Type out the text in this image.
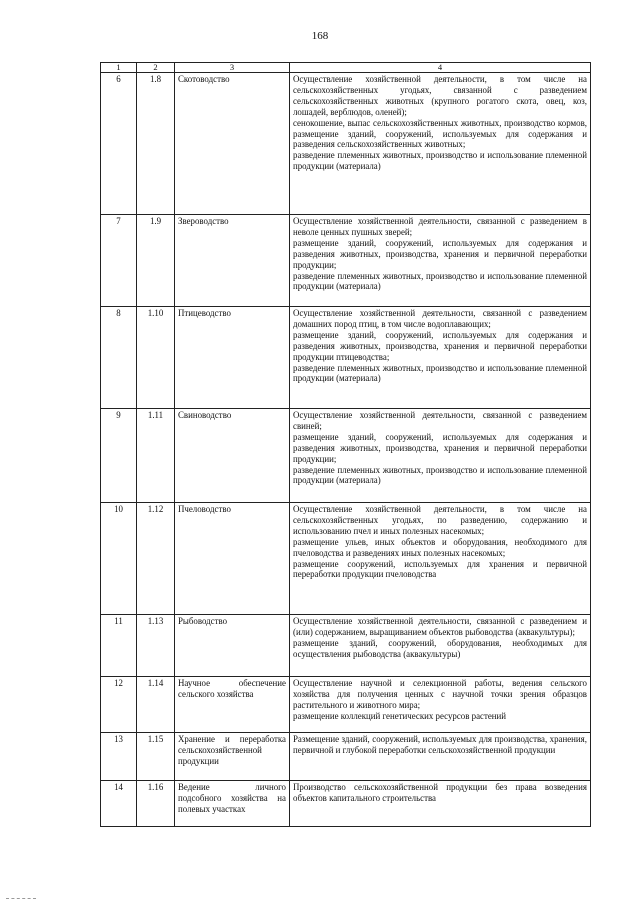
168
1	2	3	4
6	1.8	Скотоводство	Осуществление хозяйственной деятельности, в том числе на сельскохозяйственных угодьях, связанной с разведением сельскохозяйственных животных (крупного рогатого скота, овец, коз, лошадей, верблюдов, оленей);
сенокошение, выпас сельскохозяйственных животных, производство кормов, размещение зданий, сооружений, используемых для содержания и разведения сельскохозяйственных животных;
разведение племенных животных, производство и использование племенной продукции (материала)

7	1.9	Звероводство	Осуществление хозяйственной деятельности, связанной с разведением в неволе ценных пушных зверей;
размещение зданий, сооружений, используемых для содержания и разведения животных, производства, хранения и первичной переработки продукции;
разведение племенных животных, производство и использование племенной продукции (материала)

8	1.10	Птицеводство	Осуществление хозяйственной деятельности, связанной с разведением домашних пород птиц, в том числе водоплавающих;
размещение зданий, сооружений, используемых для содержания и разведения животных, производства, хранения и первичной переработки продукции птицеводства;
разведение племенных животных, производство и использование племенной продукции (материала)

9	1.11	Свиноводство	Осуществление хозяйственной деятельности, связанной с разведением свиней;
размещение зданий, сооружений, используемых для содержания и разведения животных, производства, хранения и первичной переработки продукции;
разведение племенных животных, производство и использование племенной продукции (материала)

10	1.12	Пчеловодство	Осуществление хозяйственной деятельности, в том числе на сельскохозяйственных угодьях, по разведению, содержанию и использованию пчел и иных полезных насекомых;
размещение ульев, иных объектов и оборудования, необходимого для пчеловодства и разведениях иных полезных насекомых;
размещение сооружений, используемых для хранения и первичной переработки продукции пчеловодства

11	1.13	Рыбоводство	Осуществление хозяйственной деятельности, связанной с разведением и (или) содержанием, выращиванием объектов рыбоводства (аквакультуры);
размещение зданий, сооружений, оборудования, необходимых для осуществления рыбоводства (аквакультуры)

12	1.14	Научное обеспечение сельского хозяйства	Осуществление научной и селекционной работы, ведения сельского хозяйства для получения ценных с научной точки зрения образцов растительного и животного мира;
размещение коллекций генетических ресурсов растений

13	1.15	Хранение и переработка сельскохозяйственной продукции	Размещение зданий, сооружений, используемых для производства, хранения, первичной и глубокой переработки сельскохозяйственной продукции

14	1.16	Ведение личного подсобного хозяйства на полевых участках	Производство сельскохозяйственной продукции без права возведения объектов капитального строительства
